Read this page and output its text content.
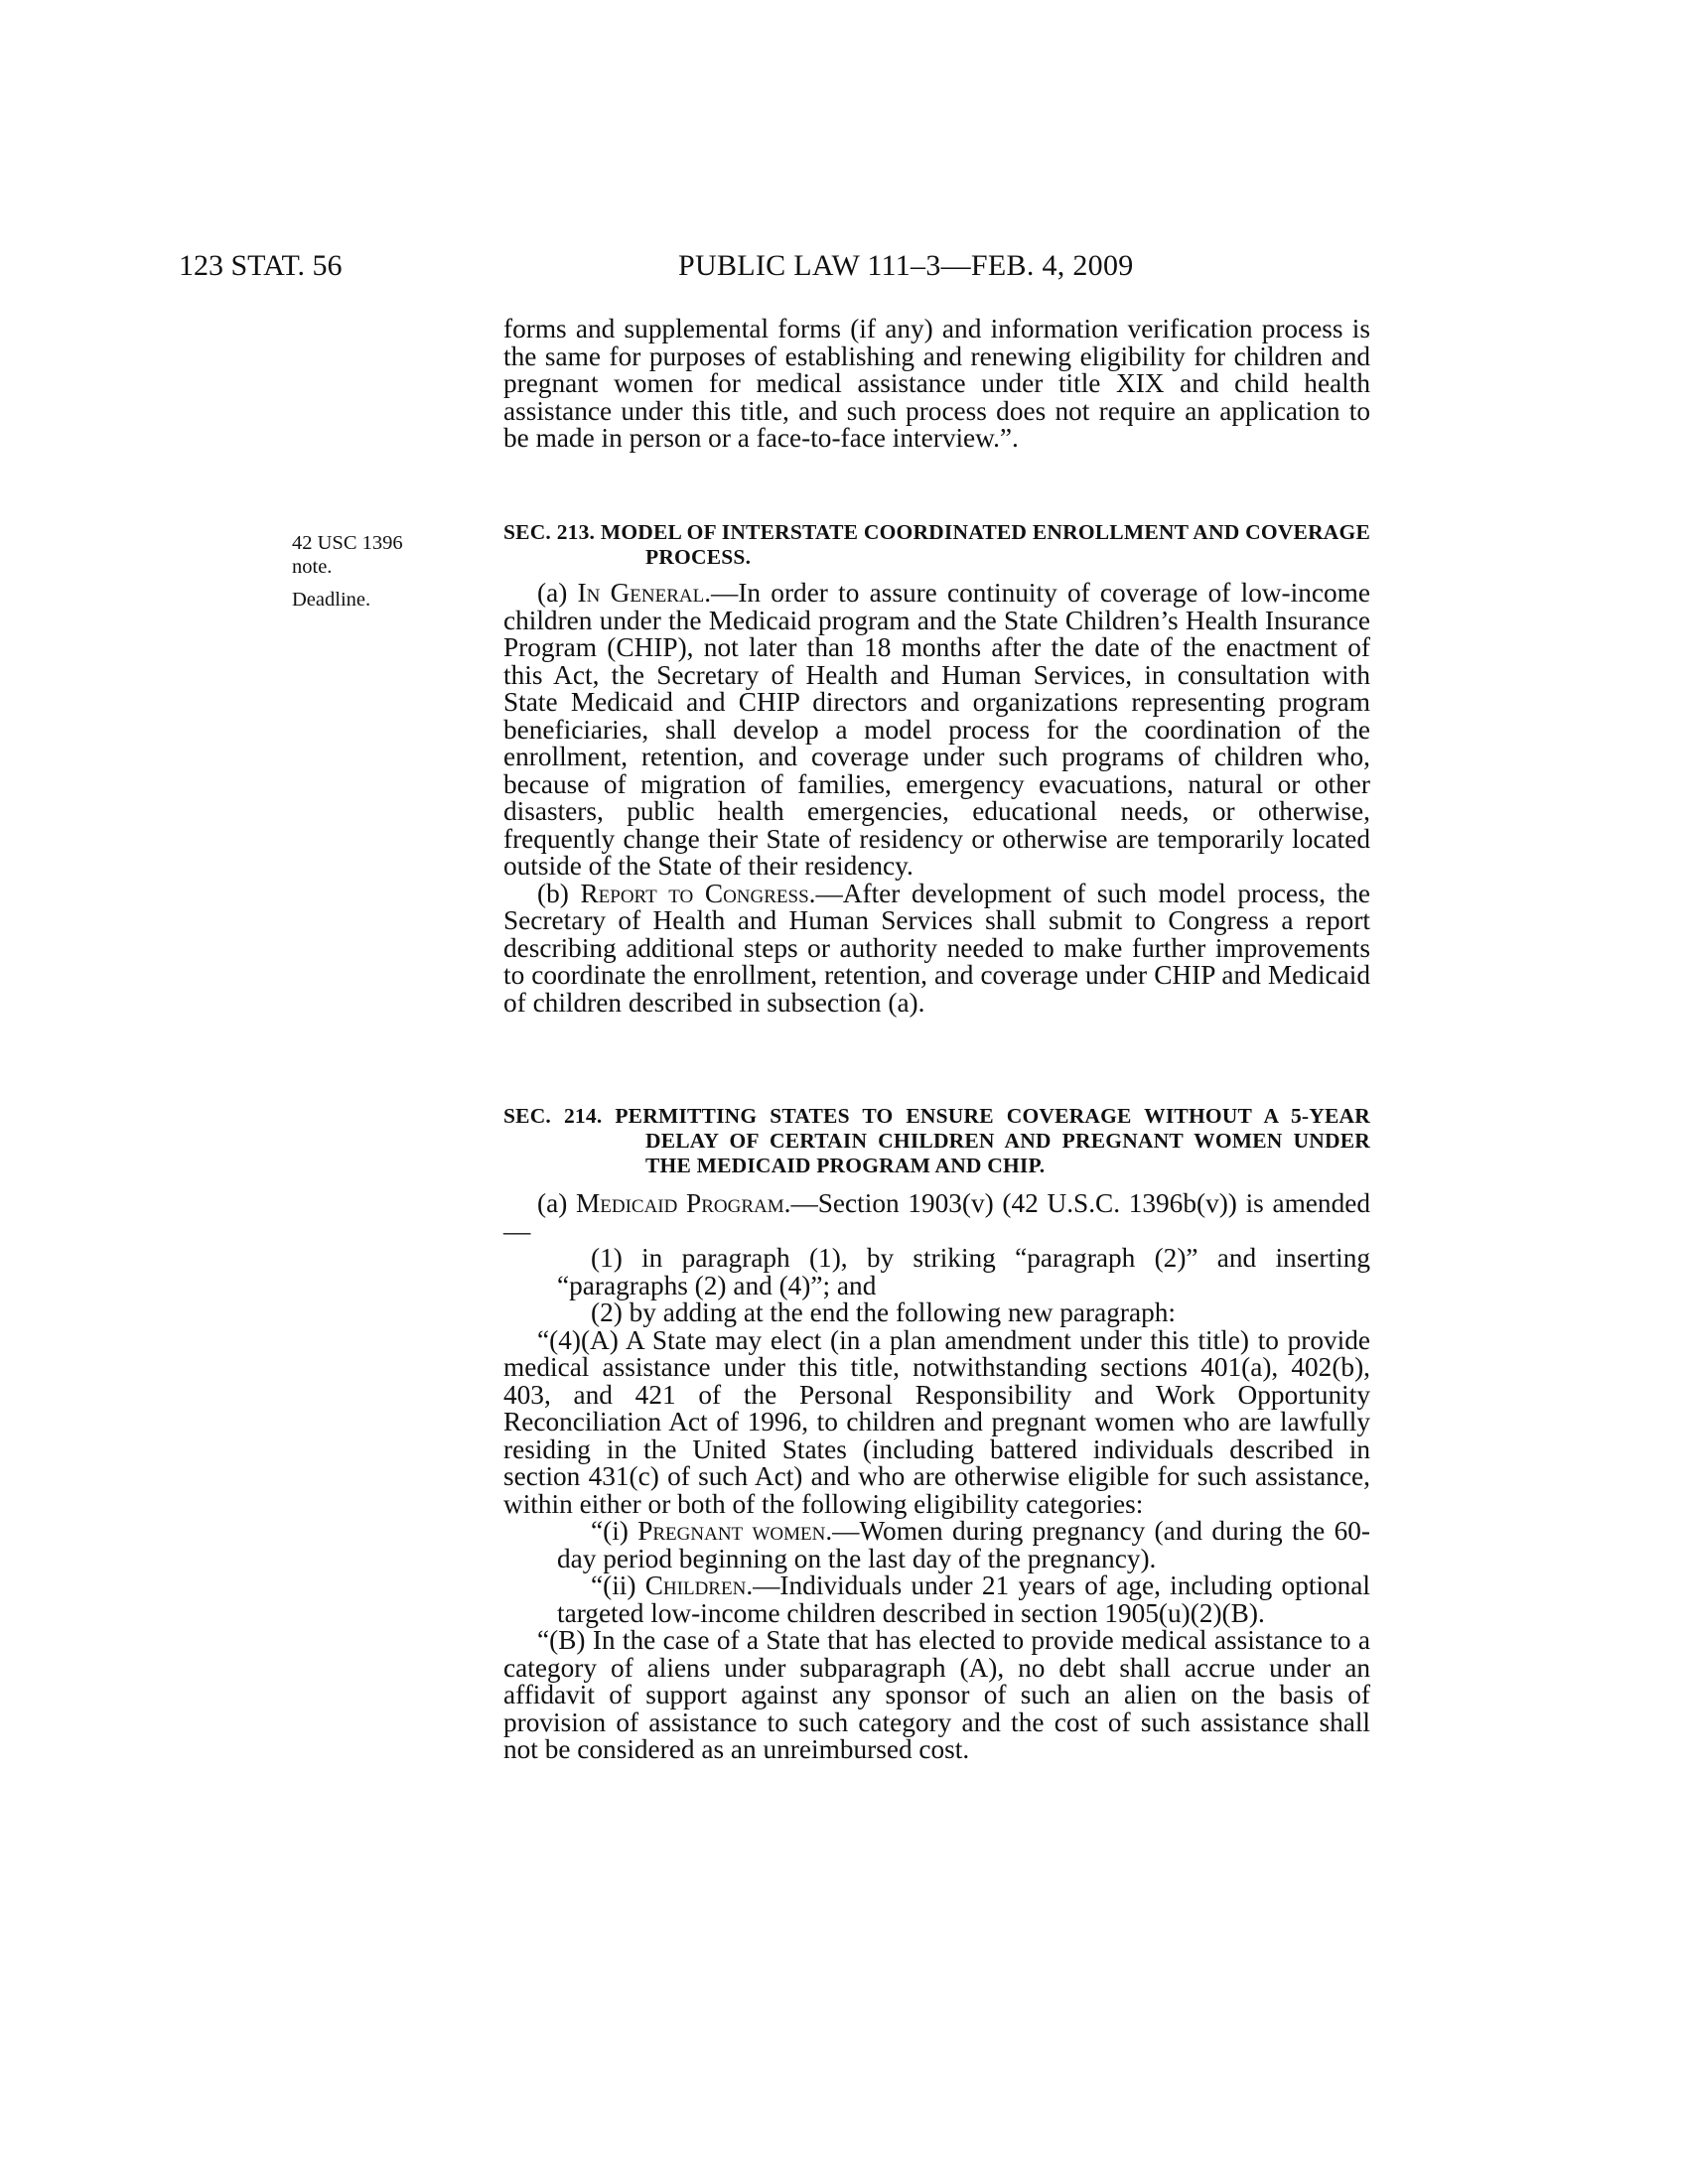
123 STAT. 56	PUBLIC LAW 111–3—FEB. 4, 2009
42 USC 1396
note.
Deadline.

forms and supplemental forms (if any) and information verification process is the same for purposes of establishing and renewing eligibility for children and pregnant women for medical assistance under title XIX and child health assistance under this title, and such process does not require an application to be made in person or a face-to-face interview.”.

SEC. 213. MODEL OF INTERSTATE COORDINATED ENROLLMENT AND COVERAGE PROCESS.

(a) In General.—In order to assure continuity of coverage of low-income children under the Medicaid program and the State Children’s Health Insurance Program (CHIP), not later than 18 months after the date of the enactment of this Act, the Secretary of Health and Human Services, in consultation with State Medicaid and CHIP directors and organizations representing program beneficiaries, shall develop a model process for the coordination of the enrollment, retention, and coverage under such programs of children who, because of migration of families, emergency evacuations, natural or other disasters, public health emergencies, educational needs, or otherwise, frequently change their State of residency or otherwise are temporarily located outside of the State of their residency.

(b) Report to Congress.—After development of such model process, the Secretary of Health and Human Services shall submit to Congress a report describing additional steps or authority needed to make further improvements to coordinate the enrollment, retention, and coverage under CHIP and Medicaid of children described in subsection (a).

SEC. 214. PERMITTING STATES TO ENSURE COVERAGE WITHOUT A 5-YEAR DELAY OF CERTAIN CHILDREN AND PREGNANT WOMEN UNDER THE MEDICAID PROGRAM AND CHIP.

(a) Medicaid Program.—Section 1903(v) (42 U.S.C. 1396b(v)) is amended—

(1) in paragraph (1), by striking “paragraph (2)” and inserting “paragraphs (2) and (4)”; and

(2) by adding at the end the following new paragraph:

“(4)(A) A State may elect (in a plan amendment under this title) to provide medical assistance under this title, notwithstanding sections 401(a), 402(b), 403, and 421 of the Personal Responsibility and Work Opportunity Reconciliation Act of 1996, to children and pregnant women who are lawfully residing in the United States (including battered individuals described in section 431(c) of such Act) and who are otherwise eligible for such assistance, within either or both of the following eligibility categories:

“(i) Pregnant women.—Women during pregnancy (and during the 60-day period beginning on the last day of the pregnancy).

“(ii) Children.—Individuals under 21 years of age, including optional targeted low-income children described in section 1905(u)(2)(B).

“(B) In the case of a State that has elected to provide medical assistance to a category of aliens under subparagraph (A), no debt shall accrue under an affidavit of support against any sponsor of such an alien on the basis of provision of assistance to such category and the cost of such assistance shall not be considered as an unreimbursed cost.
